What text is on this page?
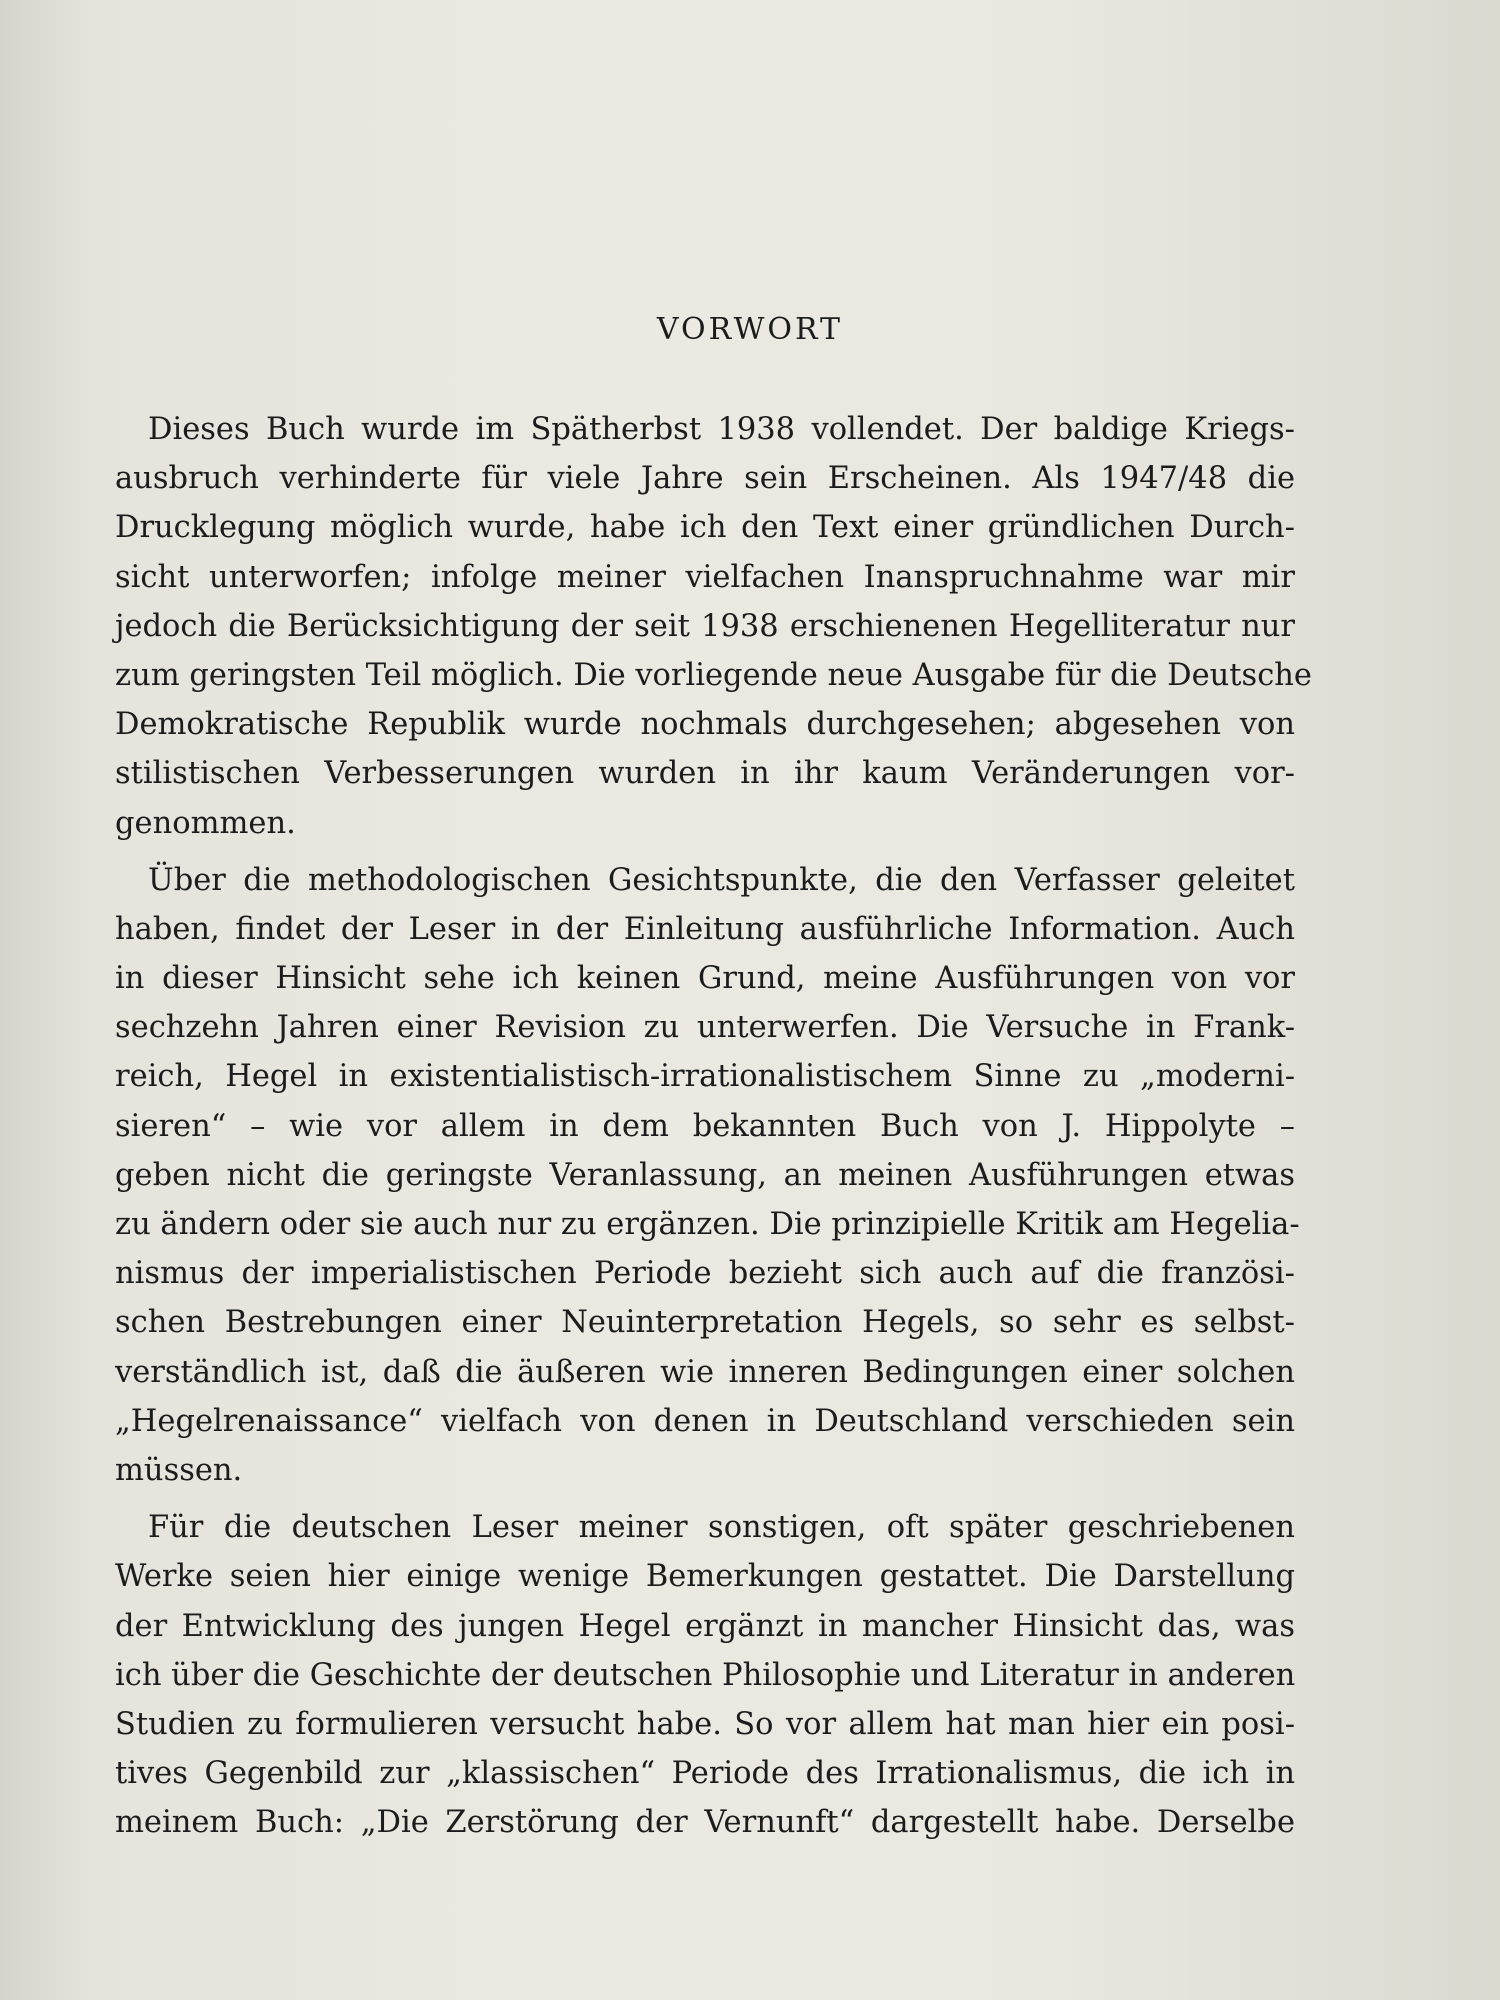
VORWORT
Dieses Buch wurde im Spätherbst 1938 vollendet. Der baldige Kriegs-
ausbruch verhinderte für viele Jahre sein Erscheinen. Als 1947/48 die
Drucklegung möglich wurde, habe ich den Text einer gründlichen Durch-
sicht unterworfen; infolge meiner vielfachen Inanspruchnahme war mir
jedoch die Berücksichtigung der seit 1938 erschienenen Hegelliteratur nur
zum geringsten Teil möglich. Die vorliegende neue Ausgabe für die Deutsche
Demokratische Republik wurde nochmals durchgesehen; abgesehen von
stilistischen Verbesserungen wurden in ihr kaum Veränderungen vor-
genommen.
Über die methodologischen Gesichtspunkte, die den Verfasser geleitet
haben, findet der Leser in der Einleitung ausführliche Information. Auch
in dieser Hinsicht sehe ich keinen Grund, meine Ausführungen von vor
sechzehn Jahren einer Revision zu unterwerfen. Die Versuche in Frank-
reich, Hegel in existentialistisch-irrationalistischem Sinne zu „moderni-
sieren“ – wie vor allem in dem bekannten Buch von J. Hippolyte –
geben nicht die geringste Veranlassung, an meinen Ausführungen etwas
zu ändern oder sie auch nur zu ergänzen. Die prinzipielle Kritik am Hegelia-
nismus der imperialistischen Periode bezieht sich auch auf die französi-
schen Bestrebungen einer Neuinterpretation Hegels, so sehr es selbst-
verständlich ist, daß die äußeren wie inneren Bedingungen einer solchen
„Hegelrenaissance“ vielfach von denen in Deutschland verschieden sein
müssen.
Für die deutschen Leser meiner sonstigen, oft später geschriebenen
Werke seien hier einige wenige Bemerkungen gestattet. Die Darstellung
der Entwicklung des jungen Hegel ergänzt in mancher Hinsicht das, was
ich über die Geschichte der deutschen Philosophie und Literatur in anderen
Studien zu formulieren versucht habe. So vor allem hat man hier ein posi-
tives Gegenbild zur „klassischen“ Periode des Irrationalismus, die ich in
meinem Buch: „Die Zerstörung der Vernunft“ dargestellt habe. Derselbe
